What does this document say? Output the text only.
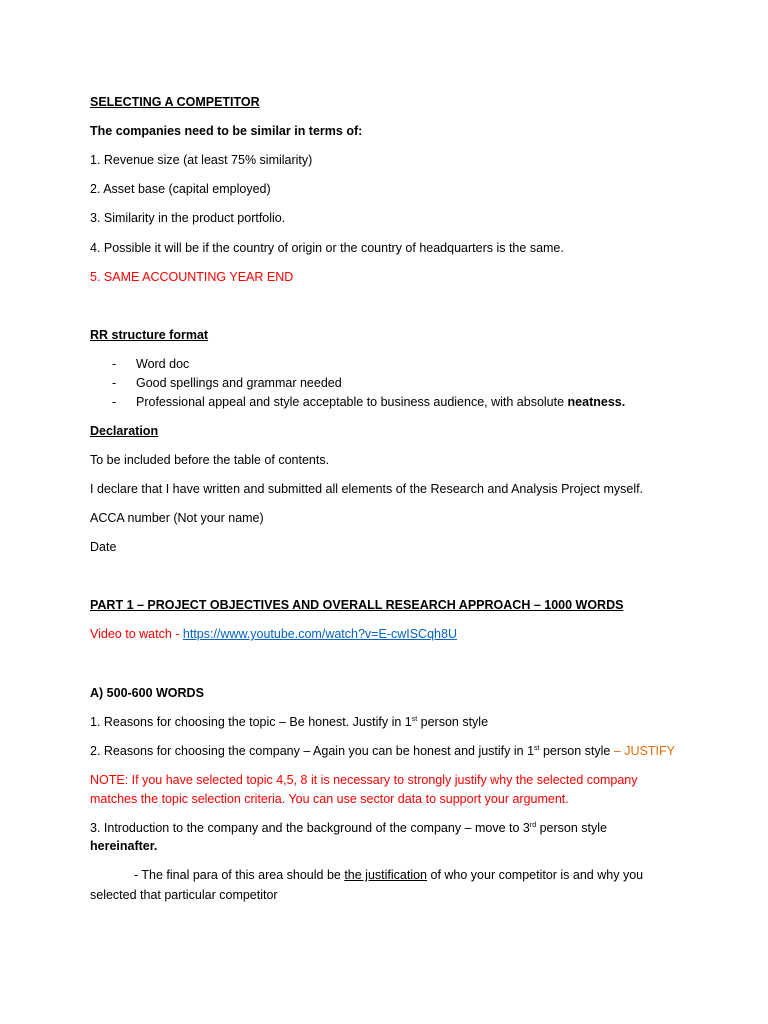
SELECTING A COMPETITOR
The companies need to be similar in terms of:
1. Revenue size (at least 75% similarity)
2. Asset base (capital employed)
3. Similarity in the product portfolio.
4. Possible it will be if the country of origin or the country of headquarters is the same.
5. SAME ACCOUNTING YEAR END
RR structure format
- Word doc
- Good spellings and grammar needed
- Professional appeal and style acceptable to business audience, with absolute neatness.
Declaration
To be included before the table of contents.
I declare that I have written and submitted all elements of the Research and Analysis Project myself.
ACCA number (Not your name)
Date
PART 1 – PROJECT OBJECTIVES AND OVERALL RESEARCH APPROACH – 1000 WORDS
Video to watch - https://www.youtube.com/watch?v=E-cwISCqh8U
A) 500-600 WORDS
1. Reasons for choosing the topic – Be honest. Justify in 1st person style
2. Reasons for choosing the company – Again you can be honest and justify in 1st person style – JUSTIFY
NOTE: If you have selected topic 4,5, 8 it is necessary to strongly justify why the selected company
matches the topic selection criteria. You can use sector data to support your argument.
3. Introduction to the company and the background of the company – move to 3rd person style
hereinafter.
- The final para of this area should be the justification of who your competitor is and why you
selected that particular competitor
